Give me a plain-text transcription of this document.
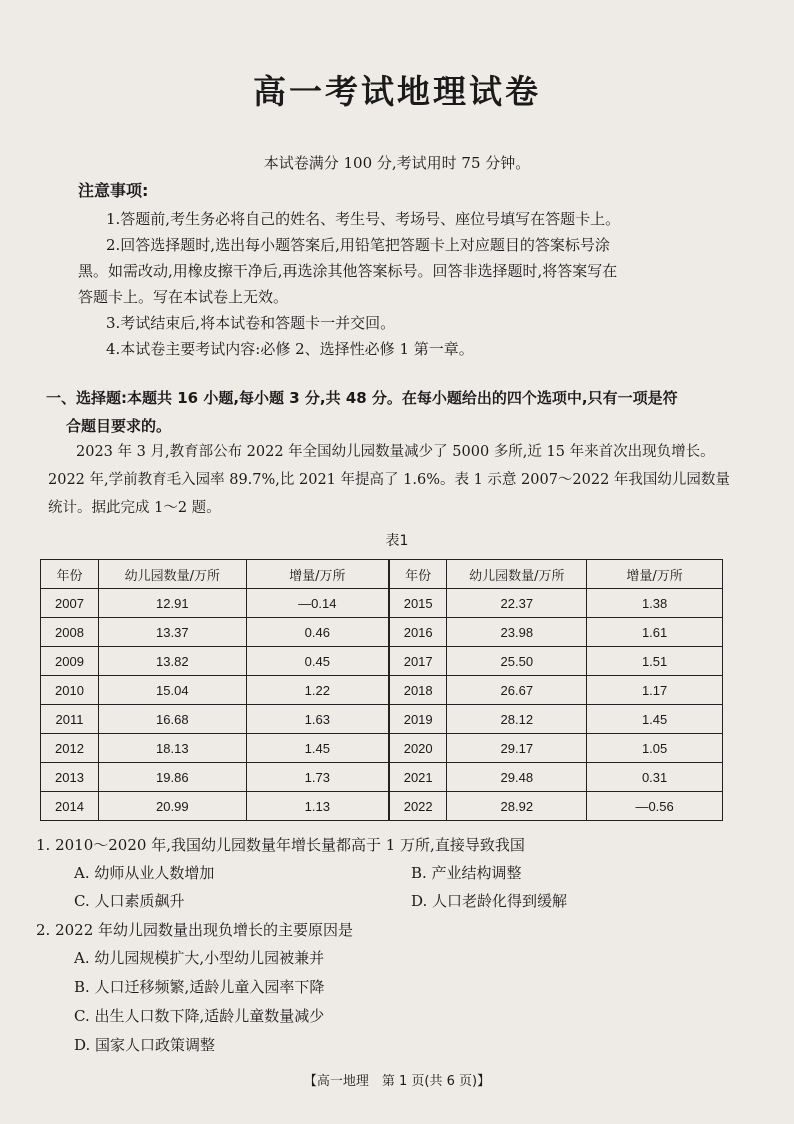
高一考试地理试卷
本试卷满分 100 分,考试用时 75 分钟。
注意事项:
1.答题前,考生务必将自己的姓名、考生号、考场号、座位号填写在答题卡上。
2.回答选择题时,选出每小题答案后,用铅笔把答题卡上对应题目的答案标号涂
黑。如需改动,用橡皮擦干净后,再选涂其他答案标号。回答非选择题时,将答案写在
答题卡上。写在本试卷上无效。
3.考试结束后,将本试卷和答题卡一并交回。
4.本试卷主要考试内容:必修 2、选择性必修 1 第一章。
一、选择题:本题共 16 小题,每小题 3 分,共 48 分。在每小题给出的四个选项中,只有一项是符
合题目要求的。
2023 年 3 月,教育部公布 2022 年全国幼儿园数量减少了 5000 多所,近 15 年来首次出现负增长。2022 年,学前教育毛入园率 89.7%,比 2021 年提高了 1.6%。表 1 示意 2007～2022 年我国幼儿园数量统计。据此完成 1～2 题。
表1
年份	幼儿园数量/万所	增量/万所	年份	幼儿园数量/万所	增量/万所
2007	12.91	—0.14	2015	22.37	1.38
2008	13.37	0.46	2016	23.98	1.61
2009	13.82	0.45	2017	25.50	1.51
2010	15.04	1.22	2018	26.67	1.17
2011	16.68	1.63	2019	28.12	1.45
2012	18.13	1.45	2020	29.17	1.05
2013	19.86	1.73	2021	29.48	0.31
2014	20.99	1.13	2022	28.92	—0.56
1. 2010～2020 年,我国幼儿园数量年增长量都高于 1 万所,直接导致我国
A. 幼师从业人数增加	B. 产业结构调整
C. 人口素质飙升	D. 人口老龄化得到缓解
2. 2022 年幼儿园数量出现负增长的主要原因是
A. 幼儿园规模扩大,小型幼儿园被兼并
B. 人口迁移频繁,适龄儿童入园率下降
C. 出生人口数下降,适龄儿童数量减少
D. 国家人口政策调整
【高一地理　第 1 页(共 6 页)】
